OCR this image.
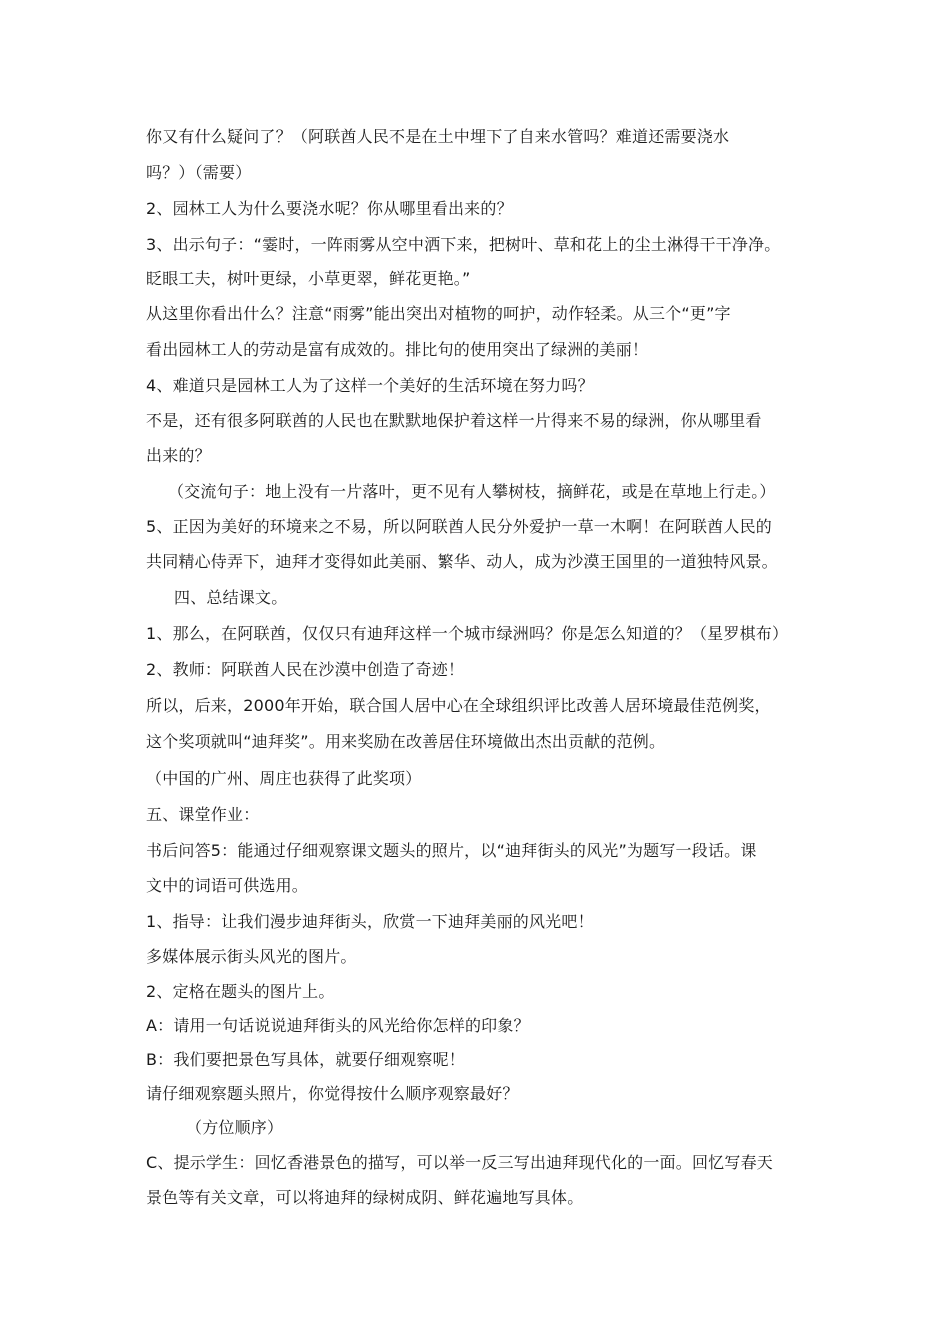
你又有什么疑问了？（阿联酋人民不是在土中埋下了自来水管吗？难道还需要浇水
吗？）（需要）
2、园林工人为什么要浇水呢？你从哪里看出来的？
3、出示句子：“霎时，一阵雨雾从空中洒下来，把树叶、草和花上的尘土淋得干干净净。
眨眼工夫，树叶更绿，小草更翠，鲜花更艳。”
从这里你看出什么？注意“雨雾”能出突出对植物的呵护，动作轻柔。从三个“更”字
看出园林工人的劳动是富有成效的。排比句的使用突出了绿洲的美丽！
4、难道只是园林工人为了这样一个美好的生活环境在努力吗？
不是，还有很多阿联酋的人民也在默默地保护着这样一片得来不易的绿洲，你从哪里看
出来的？
（交流句子：地上没有一片落叶，更不见有人攀树枝，摘鲜花，或是在草地上行走。）
5、正因为美好的环境来之不易，所以阿联酋人民分外爱护一草一木啊！在阿联酋人民的
共同精心侍弄下，迪拜才变得如此美丽、繁华、动人，成为沙漠王国里的一道独特风景。
四、总结课文。
1、那么，在阿联酋，仅仅只有迪拜这样一个城市绿洲吗？你是怎么知道的？（星罗棋布）
2、教师：阿联酋人民在沙漠中创造了奇迹！
所以，后来，2000年开始，联合国人居中心在全球组织评比改善人居环境最佳范例奖，
这个奖项就叫“迪拜奖”。用来奖励在改善居住环境做出杰出贡献的范例。
（中国的广州、周庄也获得了此奖项）
五、课堂作业：
书后问答5：能通过仔细观察课文题头的照片，以“迪拜街头的风光”为题写一段话。课
文中的词语可供选用。
1、指导：让我们漫步迪拜街头，欣赏一下迪拜美丽的风光吧！
多媒体展示街头风光的图片。
2、定格在题头的图片上。
A：请用一句话说说迪拜街头的风光给你怎样的印象？
B：我们要把景色写具体，就要仔细观察呢！
请仔细观察题头照片，你觉得按什么顺序观察最好？
（方位顺序）
C、提示学生：回忆香港景色的描写，可以举一反三写出迪拜现代化的一面。回忆写春天
景色等有关文章，可以将迪拜的绿树成阴、鲜花遍地写具体。
